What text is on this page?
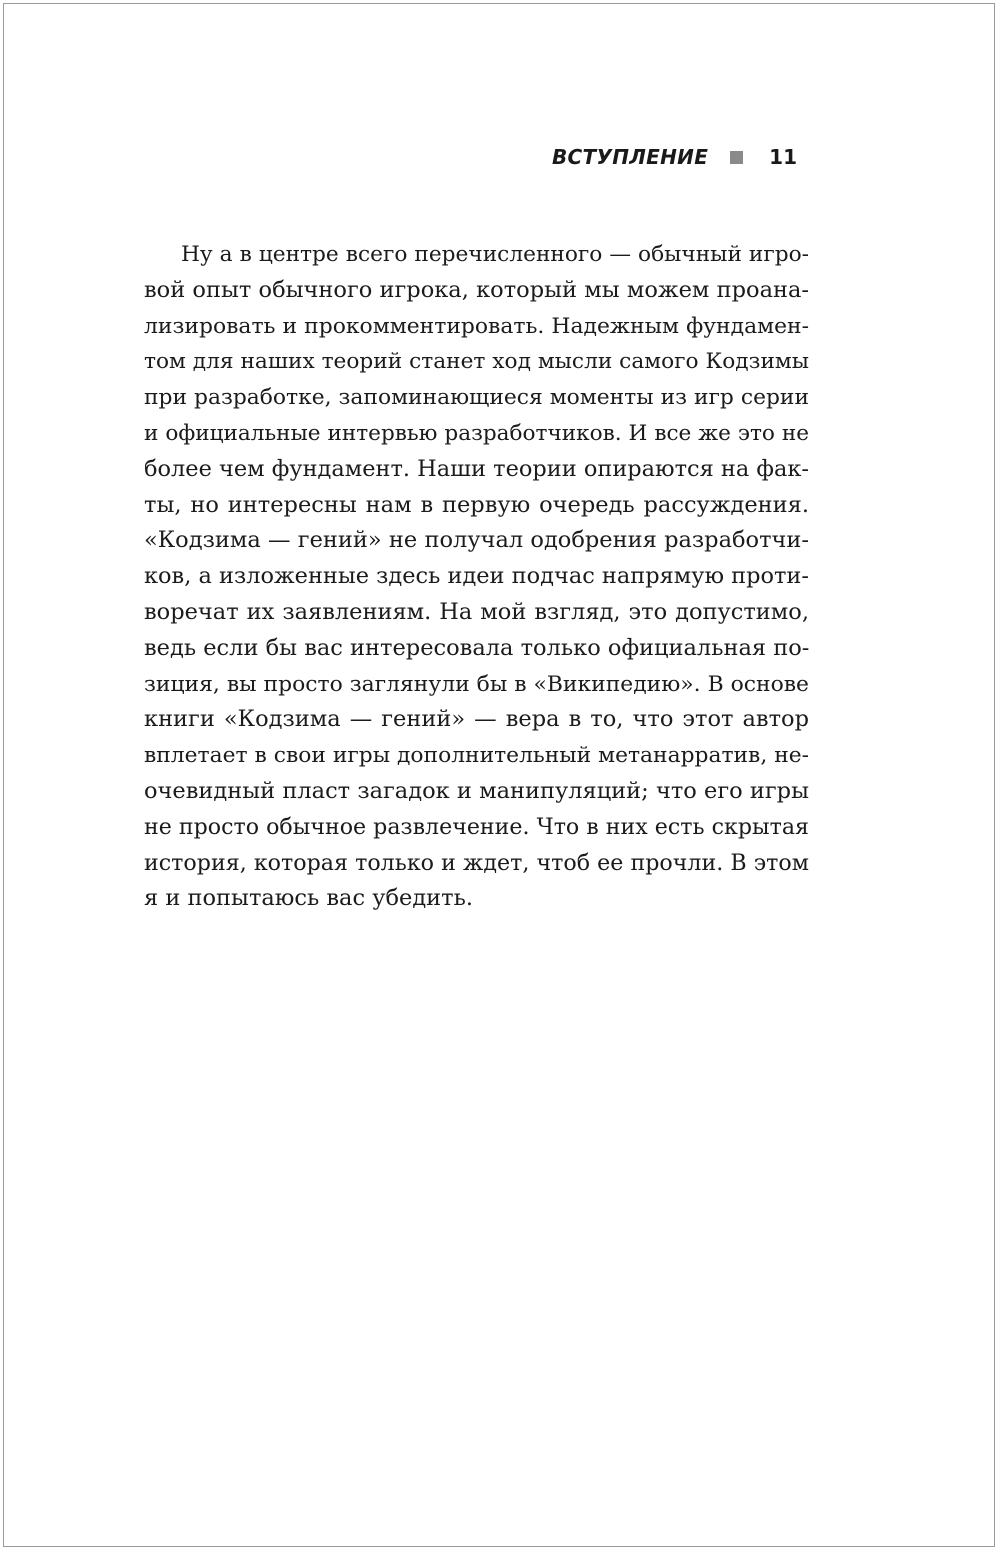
ВСТУПЛЕНИЕ	11
Ну а в центре всего перечисленного — обычный игро-
вой опыт обычного игрока, который мы можем проана-
лизировать и прокомментировать. Надежным фундамен-
том для наших теорий станет ход мысли самого Кодзимы
при разработке, запоминающиеся моменты из игр серии
и официальные интервью разработчиков. И все же это не
более чем фундамент. Наши теории опираются на фак-
ты, но интересны нам в первую очередь рассуждения.
«Кодзима — гений» не получал одобрения разработчи-
ков, а изложенные здесь идеи подчас напрямую проти-
воречат их заявлениям. На мой взгляд, это допустимо,
ведь если бы вас интересовала только официальная по-
зиция, вы просто заглянули бы в «Википедию». В основе
книги «Кодзима — гений» — вера в то, что этот автор
вплетает в свои игры дополнительный метанарратив, не-
очевидный пласт загадок и манипуляций; что его игры
не просто обычное развлечение. Что в них есть скрытая
история, которая только и ждет, чтоб ее прочли. В этом
я и попытаюсь вас убедить.
